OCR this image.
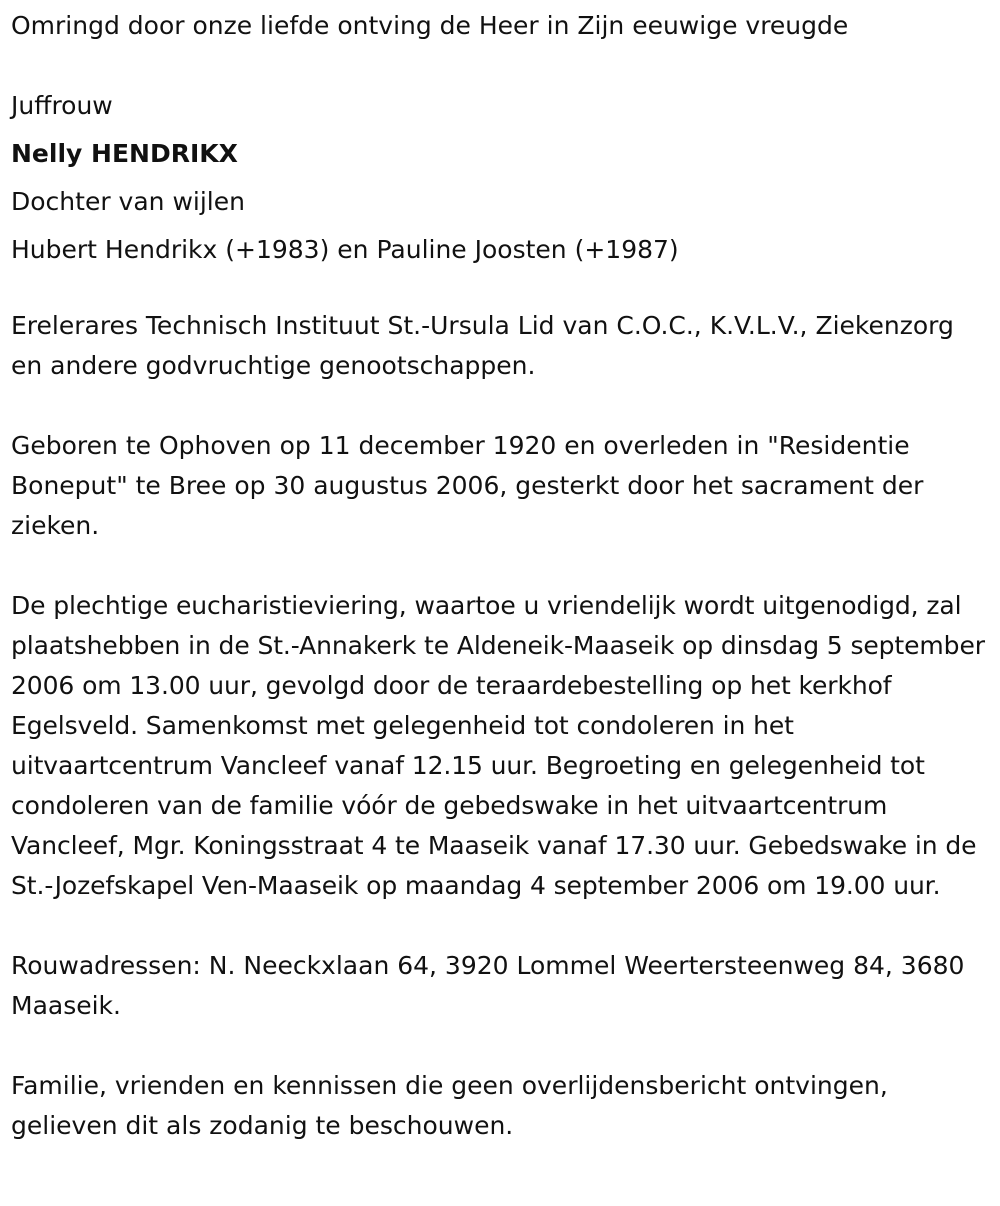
Omringd door onze liefde ontving de Heer in Zijn eeuwige vreugde

Juffrouw

Nelly HENDRIKX

Dochter van wijlen

Hubert Hendrikx (+1983) en Pauline Joosten (+1987)

Erelerares Technisch Instituut St.-Ursula Lid van C.O.C., K.V.L.V., Ziekenzorg en andere godvruchtige genootschappen.

Geboren te Ophoven op 11 december 1920 en overleden in "Residentie Boneput" te Bree op 30 augustus 2006, gesterkt door het sacrament der zieken.

De plechtige eucharistieviering, waartoe u vriendelijk wordt uitgenodigd, zal plaatshebben in de St.-Annakerk te Aldeneik-Maaseik op dinsdag 5 september 2006 om 13.00 uur, gevolgd door de teraardebestelling op het kerkhof Egelsveld. Samenkomst met gelegenheid tot condoleren in het uitvaartcentrum Vancleef vanaf 12.15 uur. Begroeting en gelegenheid tot condoleren van de familie vóór de gebedswake in het uitvaartcentrum Vancleef, Mgr. Koningsstraat 4 te Maaseik vanaf 17.30 uur. Gebedswake in de St.-Jozefskapel Ven-Maaseik op maandag 4 september 2006 om 19.00 uur.

Rouwadressen: N. Neeckxlaan 64, 3920 Lommel Weertersteenweg 84, 3680 Maaseik.

Familie, vrienden en kennissen die geen overlijdensbericht ontvingen, gelieven dit als zodanig te beschouwen.
